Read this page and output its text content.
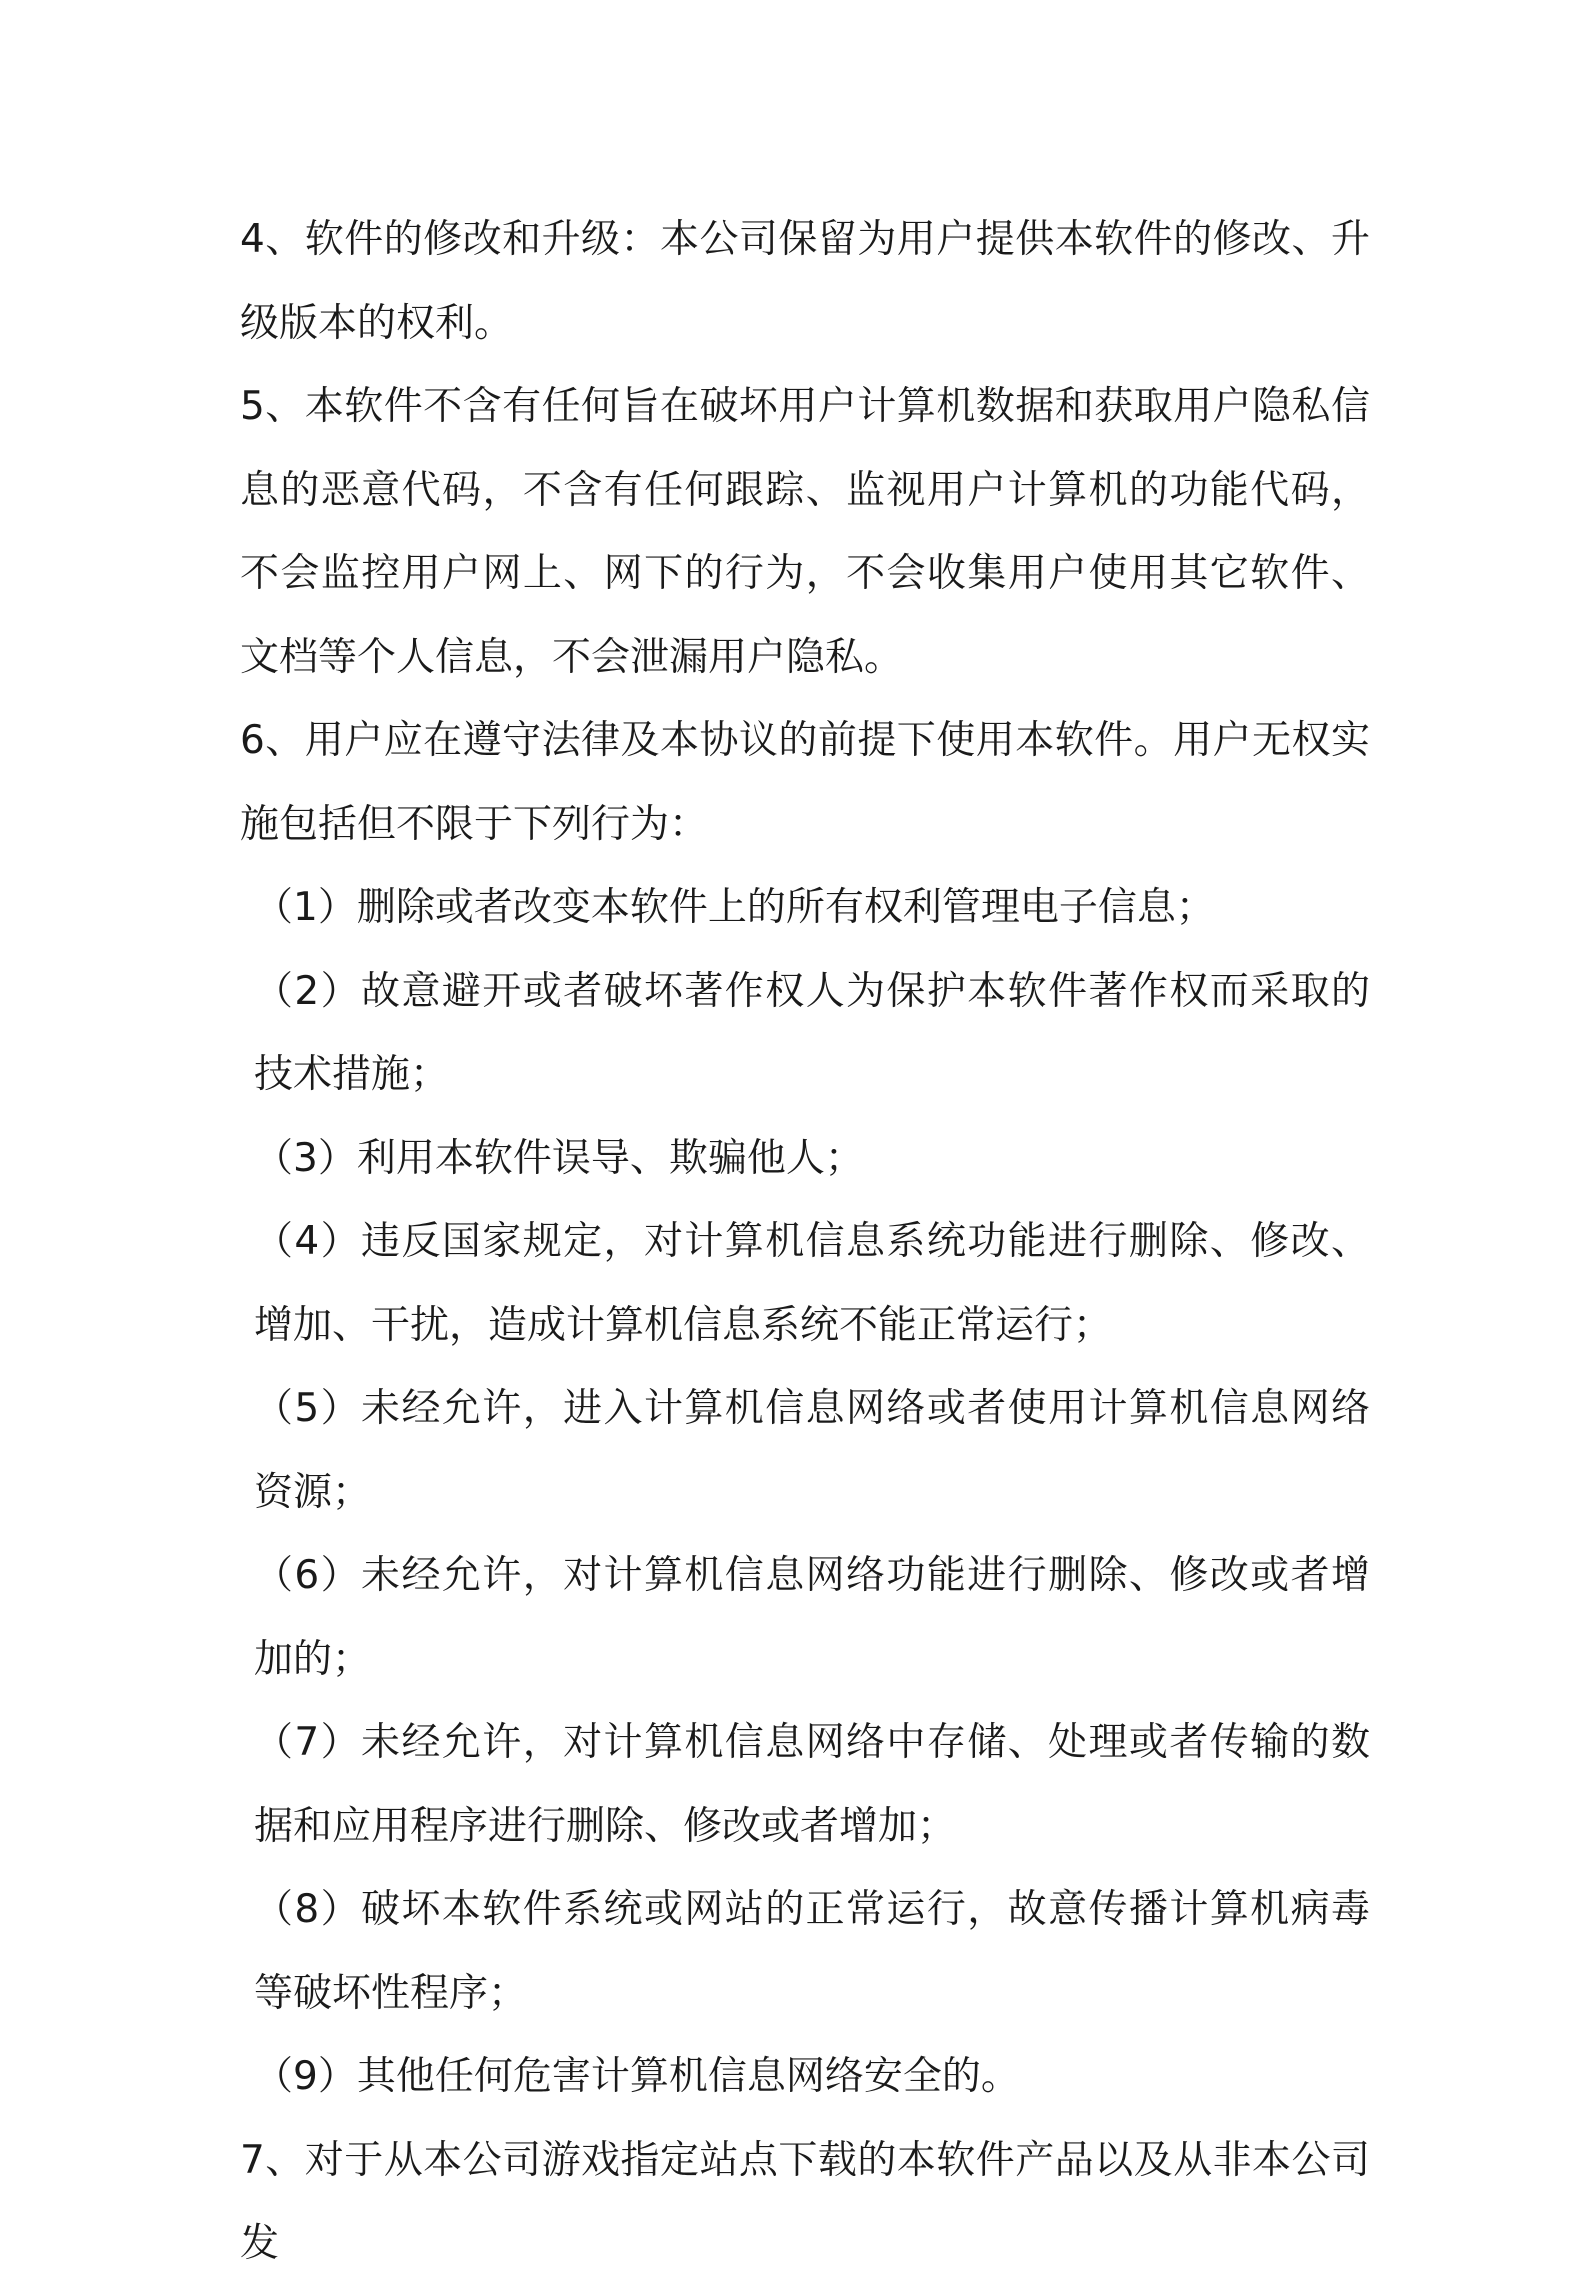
4、软件的修改和升级：本公司保留为用户提供本软件的修改、升级版本的权利。

5、本软件不含有任何旨在破坏用户计算机数据和获取用户隐私信息的恶意代码，不含有任何跟踪、监视用户计算机的功能代码，不会监控用户网上、网下的行为，不会收集用户使用其它软件、文档等个人信息，不会泄漏用户隐私。

6、用户应在遵守法律及本协议的前提下使用本软件。用户无权实施包括但不限于下列行为：

（1）删除或者改变本软件上的所有权利管理电子信息；

（2）故意避开或者破坏著作权人为保护本软件著作权而采取的技术措施；

（3）利用本软件误导、欺骗他人；

（4）违反国家规定，对计算机信息系统功能进行删除、修改、增加、干扰，造成计算机信息系统不能正常运行；

（5）未经允许，进入计算机信息网络或者使用计算机信息网络资源；

（6）未经允许，对计算机信息网络功能进行删除、修改或者增加的；

（7）未经允许，对计算机信息网络中存储、处理或者传输的数据和应用程序进行删除、修改或者增加；

（8）破坏本软件系统或网站的正常运行，故意传播计算机病毒等破坏性程序；

（9）其他任何危害计算机信息网络安全的。

7、对于从本公司游戏指定站点下载的本软件产品以及从非本公司发
